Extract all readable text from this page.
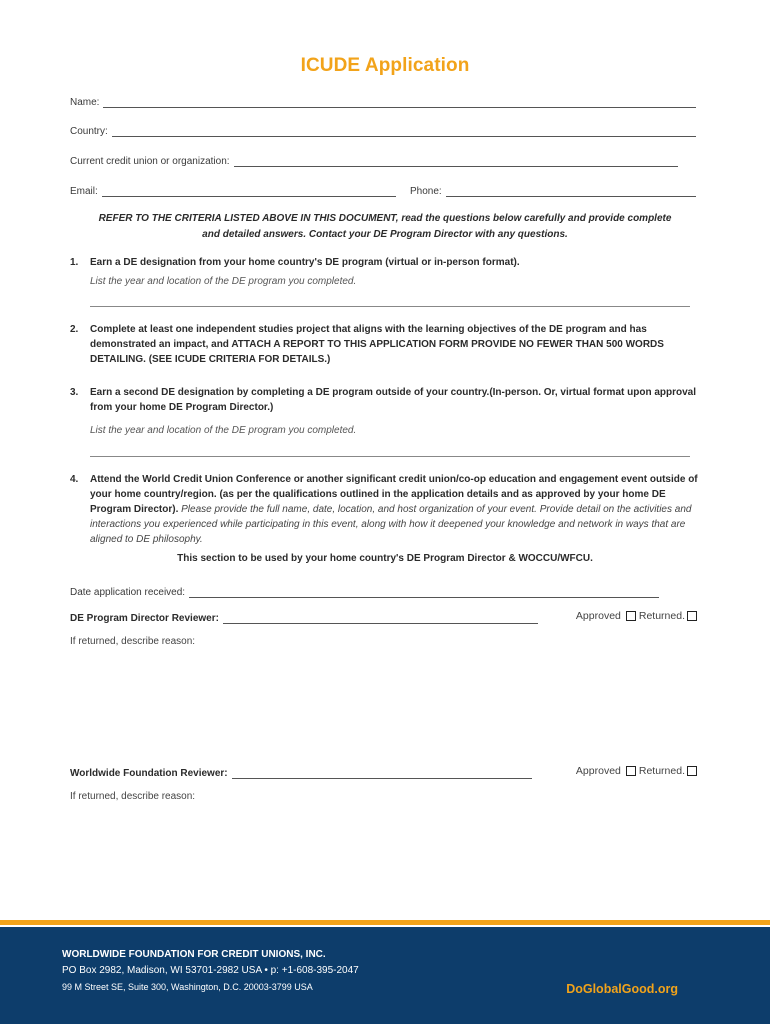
ICUDE Application
Name:
Country:
Current credit union or organization:
Email:	Phone:
REFER TO THE CRITERIA LISTED ABOVE IN THIS DOCUMENT, read the questions below carefully and provide complete and detailed answers. Contact your DE Program Director with any questions.
1. Earn a DE designation from your home country's DE program (virtual or in-person format).
List the year and location of the DE program you completed.
2. Complete at least one independent studies project that aligns with the learning objectives of the DE program and has demonstrated an impact, and ATTACH A REPORT TO THIS APPLICATION FORM PROVIDE NO FEWER THAN 500 WORDS DETAILING. (SEE ICUDE CRITERIA FOR DETAILS.)
3. Earn a second DE designation by completing a DE program outside of your country.(In-person. Or, virtual format upon approval from your home DE Program Director.)
List the year and location of the DE program you completed.
4. Attend the World Credit Union Conference or another significant credit union/co-op education and engagement event outside of your home country/region. (as per the qualifications outlined in the application details and as approved by your home DE Program Director). Please provide the full name, date, location, and host organization of your event. Provide detail on the activities and interactions you experienced while participating in this event, along with how it deepened your knowledge and network in ways that are aligned to DE philosophy.
This section to be used by your home country's DE Program Director & WOCCU/WFCU.
Date application received:
DE Program Director Reviewer:	Approved Returned.
If returned, describe reason:
Worldwide Foundation Reviewer:	Approved Returned.
If returned, describe reason:
WORLDWIDE FOUNDATION FOR CREDIT UNIONS, INC.
PO Box 2982, Madison, WI 53701-2982 USA • p: +1-608-395-2047
99 M Street SE, Suite 300, Washington, D.C. 20003-3799 USA	DoGlobalGood.org
